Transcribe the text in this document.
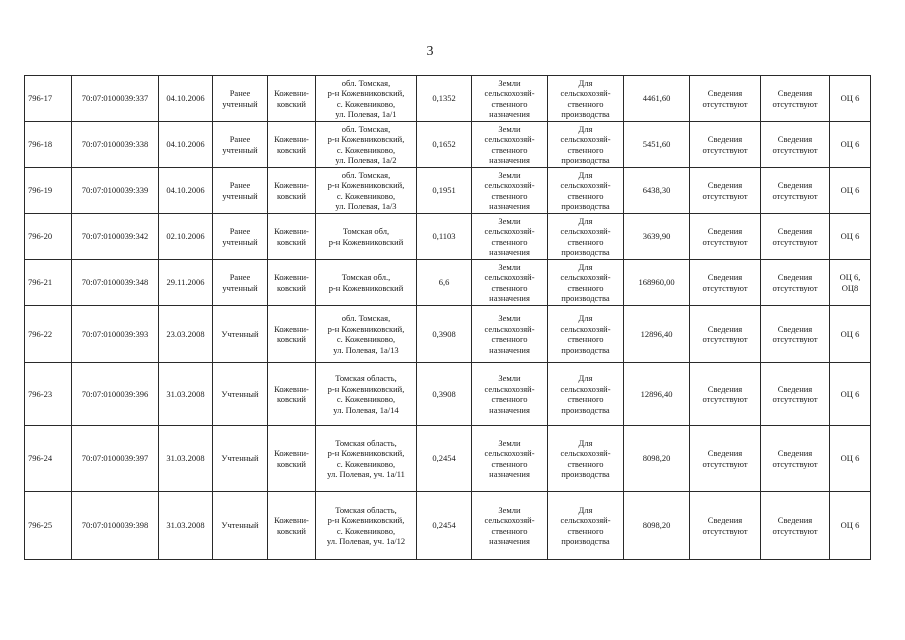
3
796-17	70:07:0100039:337	04.10.2006	Ранее
учтенный	Кожевни-
ковский	обл. Томская,
р-н Кожевниковский,
с. Кожевниково,
ул. Полевая, 1а/1	0,1352	Земли
сельскохозяй-
ственного
назначения	Для
сельскохозяй-
ственного
производства	4461,60	Сведения
отсутствуют	Сведения
отсутствуют	ОЦ 6
796-18	70:07:0100039:338	04.10.2006	Ранее
учтенный	Кожевни-
ковский	обл. Томская,
р-н Кожевниковский,
с. Кожевниково,
ул. Полевая, 1а/2	0,1652	Земли
сельскохозяй-
ственного
назначения	Для
сельскохозяй-
ственного
производства	5451,60	Сведения
отсутствуют	Сведения
отсутствуют	ОЦ 6
796-19	70:07:0100039:339	04.10.2006	Ранее
учтенный	Кожевни-
ковский	обл. Томская,
р-н Кожевниковский,
с. Кожевниково,
ул. Полевая, 1а/3	0,1951	Земли
сельскохозяй-
ственного
назначения	Для
сельскохозяй-
ственного
производства	6438,30	Сведения
отсутствуют	Сведения
отсутствуют	ОЦ 6
796-20	70:07:0100039:342	02.10.2006	Ранее
учтенный	Кожевни-
ковский	Томская обл,
р-н Кожевниковский	0,1103	Земли
сельскохозяй-
ственного
назначения	Для
сельскохозяй-
ственного
производства	3639,90	Сведения
отсутствуют	Сведения
отсутствуют	ОЦ 6
796-21	70:07:0100039:348	29.11.2006	Ранее
учтенный	Кожевни-
ковский	Томская обл.,
р-н Кожевниковский	6,6	Земли
сельскохозяй-
ственного
назначения	Для
сельскохозяй-
ственного
производства	168960,00	Сведения
отсутствуют	Сведения
отсутствуют	ОЦ 6,
ОЦ8
796-22	70:07:0100039:393	23.03.2008	Учтенный	Кожевни-
ковский	обл. Томская,
р-н Кожевниковский,
с. Кожевниково,
ул. Полевая, 1а/13	0,3908	Земли
сельскохозяй-
ственного
назначения	Для
сельскохозяй-
ственного
производства	12896,40	Сведения
отсутствуют	Сведения
отсутствуют	ОЦ 6
796-23	70:07:0100039:396	31.03.2008	Учтенный	Кожевни-
ковский	Томская область,
р-н Кожевниковский,
с. Кожевниково,
ул. Полевая, 1а/14	0,3908	Земли
сельскохозяй-
ственного
назначения	Для
сельскохозяй-
ственного
производства	12896,40	Сведения
отсутствуют	Сведения
отсутствуют	ОЦ 6
796-24	70:07:0100039:397	31.03.2008	Учтенный	Кожевни-
ковский	Томская область,
р-н Кожевниковский,
с. Кожевниково,
ул. Полевая, уч. 1а/11	0,2454	Земли
сельскохозяй-
ственного
назначения	Для
сельскохозяй-
ственного
производства	8098,20	Сведения
отсутствуют	Сведения
отсутствуют	ОЦ 6
796-25	70:07:0100039:398	31.03.2008	Учтенный	Кожевни-
ковский	Томская область,
р-н Кожевниковский,
с. Кожевниково,
ул. Полевая, уч. 1а/12	0,2454	Земли
сельскохозяй-
ственного
назначения	Для
сельскохозяй-
ственного
производства	8098,20	Сведения
отсутствуют	Сведения
отсутствуют	ОЦ 6
